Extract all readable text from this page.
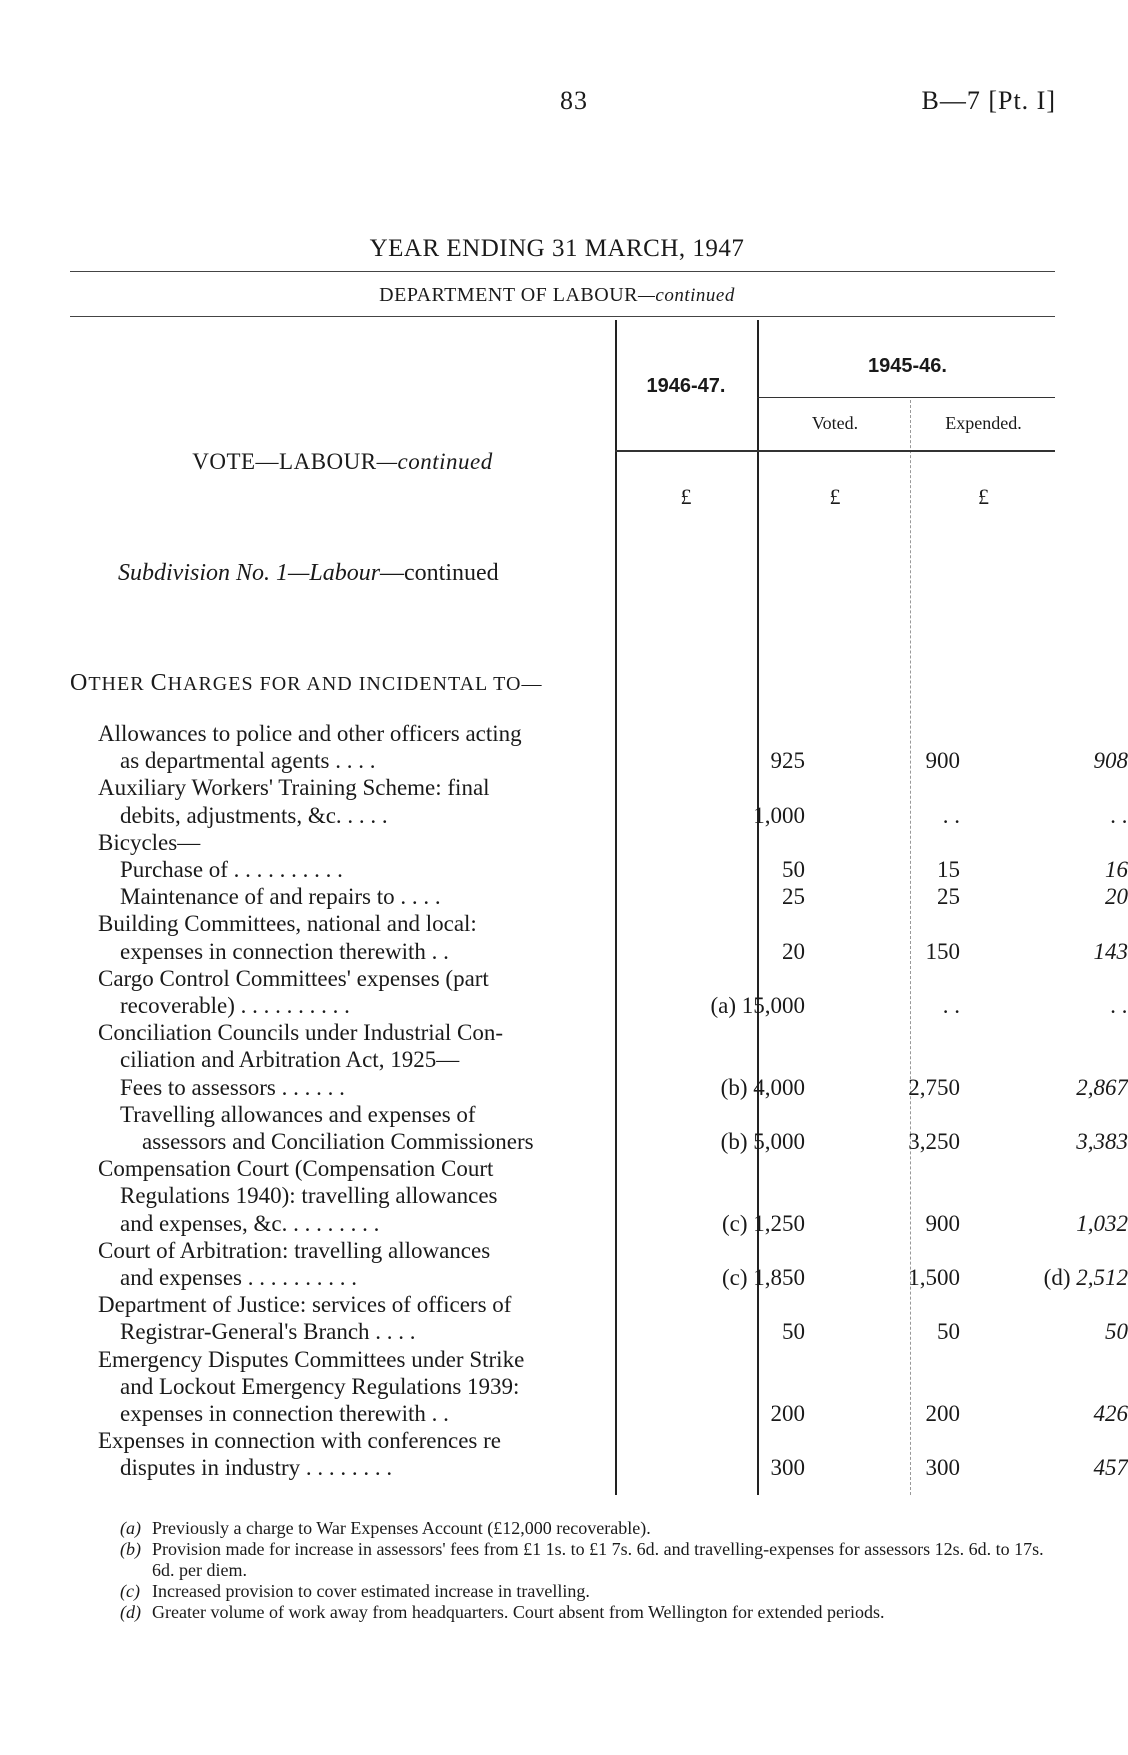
83	B—7 [Pt. I]
YEAR ENDING 31 MARCH, 1947
DEPARTMENT OF LABOUR—continued
1946-47.
1945-46.
Voted.	Expended.
£	£	£
VOTE—LABOUR—continued
Subdivision No. 1—Labour—continued
OTHER CHARGES FOR AND INCIDENTAL TO—
Allowances to police and other officers acting
as departmental agents . . . .	925	900	908
Auxiliary Workers' Training Scheme: final
debits, adjustments, &c. . . . .	1,000	. .	. .
Bicycles—
Purchase of . . . . . . . . . .	50	15	16
Maintenance of and repairs to . . . .	25	25	20
Building Committees, national and local:
expenses in connection therewith . .	20	150	143
Cargo Control Committees' expenses (part
recoverable) . . . . . . . . . .	(a) 15,000	. .	. .
Conciliation Councils under Industrial Con-
ciliation and Arbitration Act, 1925—
Fees to assessors . . . . . .	(b) 4,000	2,750	2,867
Travelling allowances and expenses of
assessors and Conciliation Commissioners	(b) 5,000	3,250	3,383
Compensation Court (Compensation Court
Regulations 1940): travelling allowances
and expenses, &c. . . . . . . . .	(c) 1,250	900	1,032
Court of Arbitration: travelling allowances
and expenses . . . . . . . . . .	(c) 1,850	1,500	(d) 2,512
Department of Justice: services of officers of
Registrar-General's Branch . . . .	50	50	50
Emergency Disputes Committees under Strike
and Lockout Emergency Regulations 1939:
expenses in connection therewith . .	200	200	426
Expenses in connection with conferences re
disputes in industry . . . . . . . .	300	300	457
(a) Previously a charge to War Expenses Account (£12,000 recoverable).
(b) Provision made for increase in assessors' fees from £1 1s. to £1 7s. 6d. and travelling-expenses for assessors 12s. 6d. to 17s. 6d. per diem.
(c) Increased provision to cover estimated increase in travelling.
(d) Greater volume of work away from headquarters. Court absent from Wellington for extended periods.
